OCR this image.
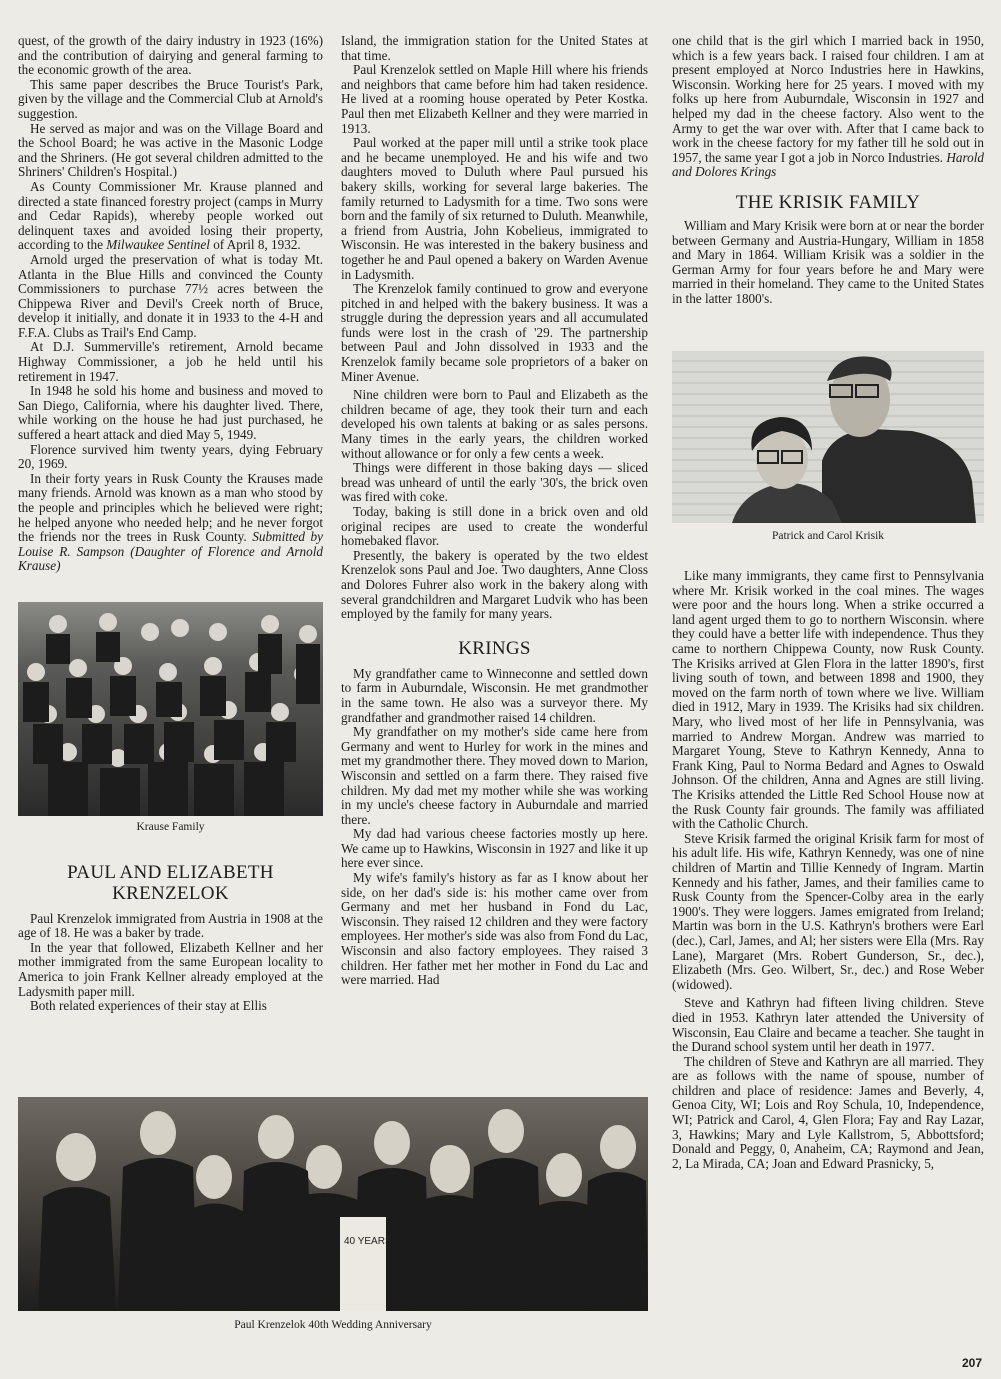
quest, of the growth of the dairy industry in 1923 (16%) and the contribution of dairying and general farming to the economic growth of the area.

This same paper describes the Bruce Tourist's Park, given by the village and the Commercial Club at Arnold's suggestion.

He served as major and was on the Village Board and the School Board; he was active in the Masonic Lodge and the Shriners. (He got several children admitted to the Shriners' Children's Hospital.)

As County Commissioner Mr. Krause planned and directed a state financed forestry project (camps in Murry and Cedar Rapids), whereby people worked out delinquent taxes and avoided losing their property, according to the Milwaukee Sentinel of April 8, 1932.

Arnold urged the preservation of what is today Mt. Atlanta in the Blue Hills and convinced the County Commissioners to purchase 77½ acres between the Chippewa River and Devil's Creek north of Bruce, develop it initially, and donate it in 1933 to the 4-H and F.F.A. Clubs as Trail's End Camp.

At D.J. Summerville's retirement, Arnold became Highway Commissioner, a job he held until his retirement in 1947.

In 1948 he sold his home and business and moved to San Diego, California, where his daughter lived. There, while working on the house he had just purchased, he suffered a heart attack and died May 5, 1949.

Florence survived him twenty years, dying February 20, 1969.

In their forty years in Rusk County the Krauses made many friends. Arnold was known as a man who stood by the people and principles which he believed were right; he helped anyone who needed help; and he never forgot the friends nor the trees in Rusk County. Submitted by Louise R. Sampson (Daughter of Florence and Arnold Krause)

Krause Family
PAUL AND ELIZABETH KRENZELOK

Paul Krenzelok immigrated from Austria in 1908 at the age of 18. He was a baker by trade.

In the year that followed, Elizabeth Kellner and her mother immigrated from the same European locality to America to join Frank Kellner already employed at the Ladysmith paper mill.

Both related experiences of their stay at Ellis

Island, the immigration station for the United States at that time.

Paul Krenzelok settled on Maple Hill where his friends and neighbors that came before him had taken residence. He lived at a rooming house operated by Peter Kostka. Paul then met Elizabeth Kellner and they were married in 1913.

Paul worked at the paper mill until a strike took place and he became unemployed. He and his wife and two daughters moved to Duluth where Paul pursued his bakery skills, working for several large bakeries. The family returned to Ladysmith for a time. Two sons were born and the family of six returned to Duluth. Meanwhile, a friend from Austria, John Kobelieus, immigrated to Wisconsin. He was interested in the bakery business and together he and Paul opened a bakery on Warden Avenue in Ladysmith.

The Krenzelok family continued to grow and everyone pitched in and helped with the bakery business. It was a struggle during the depression years and all accumulated funds were lost in the crash of '29. The partnership between Paul and John dissolved in 1933 and the Krenzelok family became sole proprietors of a baker on Miner Avenue.

Nine children were born to Paul and Elizabeth as the children became of age, they took their turn and each developed his own talents at baking or as sales persons. Many times in the early years, the children worked without allowance or for only a few cents a week.

Things were different in those baking days — sliced bread was unheard of until the early '30's, the brick oven was fired with coke.

Today, baking is still done in a brick oven and old original recipes are used to create the wonderful homebaked flavor.

Presently, the bakery is operated by the two eldest Krenzelok sons Paul and Joe. Two daughters, Anne Closs and Dolores Fuhrer also work in the bakery along with several grandchildren and Margaret Ludvik who has been employed by the family for many years.

KRINGS

My grandfather came to Winneconne and settled down to farm in Auburndale, Wisconsin. He met grandmother in the same town. He also was a surveyor there. My grandfather and grandmother raised 14 children.

My grandfather on my mother's side came here from Germany and went to Hurley for work in the mines and met my grandmother there. They moved down to Marion, Wisconsin and settled on a farm there. They raised five children. My dad met my mother while she was working in my uncle's cheese factory in Auburndale and married there.

My dad had various cheese factories mostly up here. We came up to Hawkins, Wisconsin in 1927 and like it up here ever since.

My wife's family's history as far as I know about her side, on her dad's side is: his mother came over from Germany and met her husband in Fond du Lac, Wisconsin. They raised 12 children and they were factory employees. Her mother's side was also from Fond du Lac, Wisconsin and also factory employees. They raised 3 children. Her father met her mother in Fond du Lac and were married. Had

one child that is the girl which I married back in 1950, which is a few years back. I raised four children. I am at present employed at Norco Industries here in Hawkins, Wisconsin. Working here for 25 years. I moved with my folks up here from Auburndale, Wisconsin in 1927 and helped my dad in the cheese factory. Also went to the Army to get the war over with. After that I came back to work in the cheese factory for my father till he sold out in 1957, the same year I got a job in Norco Industries. Harold and Dolores Krings

THE KRISIK FAMILY

William and Mary Krisik were born at or near the border between Germany and Austria-Hungary, William in 1858 and Mary in 1864. William Krisik was a soldier in the German Army for four years before he and Mary were married in their homeland. They came to the United States in the latter 1800's.

Patrick and Carol Krisik

Like many immigrants, they came first to Pennsylvania where Mr. Krisik worked in the coal mines. The wages were poor and the hours long. When a strike occurred a land agent urged them to go to northern Wisconsin. where they could have a better life with independence. Thus they came to northern Chippewa County, now Rusk County. The Krisiks arrived at Glen Flora in the latter 1890's, first living south of town, and between 1898 and 1900, they moved on the farm north of town where we live. William died in 1912, Mary in 1939. The Krisiks had six children. Mary, who lived most of her life in Pennsylvania, was married to Andrew Morgan. Andrew was married to Margaret Young, Steve to Kathryn Kennedy, Anna to Frank King, Paul to Norma Bedard and Agnes to Oswald Johnson. Of the children, Anna and Agnes are still living. The Krisiks attended the Little Red School House now at the Rusk County fair grounds. The family was affiliated with the Catholic Church.

Steve Krisik farmed the original Krisik farm for most of his adult life. His wife, Kathryn Kennedy, was one of nine children of Martin and Tillie Kennedy of Ingram. Martin Kennedy and his father, James, and their families came to Rusk County from the Spencer-Colby area in the early 1900's. They were loggers. James emigrated from Ireland; Martin was born in the U.S. Kathryn's brothers were Earl (dec.), Carl, James, and Al; her sisters were Ella (Mrs. Ray Lane), Margaret (Mrs. Robert Gunderson, Sr., dec.), Elizabeth (Mrs. Geo. Wilbert, Sr., dec.) and Rose Weber (widowed).

Steve and Kathryn had fifteen living children. Steve died in 1953. Kathryn later attended the University of Wisconsin, Eau Claire and became a teacher. She taught in the Durand school system until her death in 1977.

The children of Steve and Kathryn are all married. They are as follows with the name of spouse, number of children and place of residence: James and Beverly, 4, Genoa City, WI; Lois and Roy Schula, 10, Independence, WI; Patrick and Carol, 4, Glen Flora; Fay and Ray Lazar, 3, Hawkins; Mary and Lyle Kallstrom, 5, Abbottsford; Donald and Peggy, 0, Anaheim, CA; Raymond and Jean, 2, La Mirada, CA; Joan and Edward Prasnicky, 5,

40 YEARS
Paul Krenzelok 40th Wedding Anniversary
207
